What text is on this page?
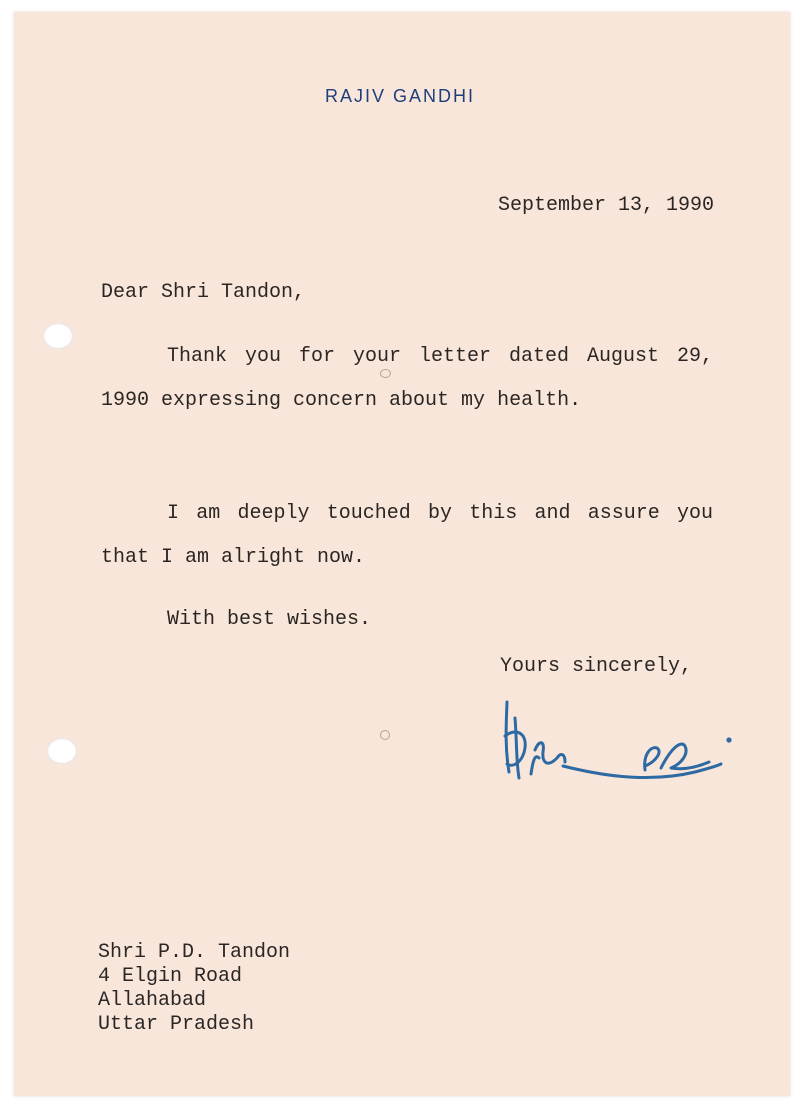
RAJIV GANDHI
September 13, 1990
Dear Shri Tandon,
Thank you for your letter dated August 29, 1990 expressing concern about my health.
I am deeply touched by this and assure you that I am alright now.
With best wishes.
Yours sincerely,
Shri P.D. Tandon
4 Elgin Road
Allahabad
Uttar Pradesh
